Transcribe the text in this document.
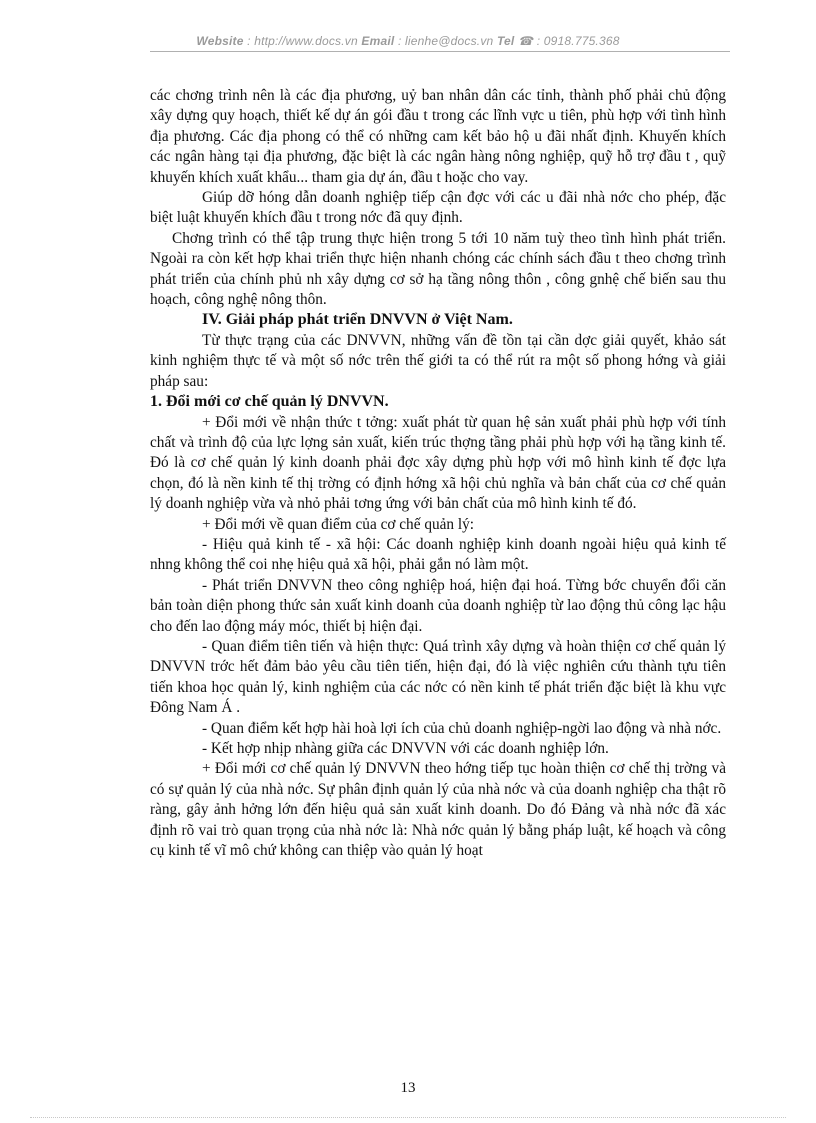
Website : http://www.docs.vn Email : lienhe@docs.vn Tel ☎ : 0918.775.368

các chơng trình nên là các địa phương, uỷ ban nhân dân các tỉnh, thành phố phải chủ động xây dựng quy hoạch, thiết kế dự án gói đầu t trong các lĩnh vực u tiên, phù hợp với tình hình địa phương. Các địa phong có thể có những cam kết bảo hộ u đãi nhất định. Khuyến khích các ngân hàng tại địa phương, đặc biệt là các ngân hàng nông nghiệp, quỹ hỗ trợ đầu t , quỹ khuyến khích xuất khẩu... tham gia dự án, đầu t hoặc cho vay.

Giúp dỡ hóng dẫn doanh nghiệp tiếp cận đợc với các u đãi nhà nớc cho phép, đặc biệt luật khuyến khích đầu t trong nớc đã quy định.

Chơng trình có thể tập trung thực hiện trong 5 tới 10 năm tuỳ theo tình hình phát triển. Ngoài ra còn kết hợp khai triển thực hiện nhanh chóng các chính sách đầu t theo chơng trình phát triển của chính phủ nh xây dựng cơ sở hạ tầng nông thôn , công gnhệ chế biến sau thu hoạch, công nghệ nông thôn.

IV. Giải pháp phát triển DNVVN ở Việt Nam.

Từ thực trạng của các DNVVN, những vấn đề tồn tại cần dợc giải quyết, khảo sát kinh nghiệm thực tế và một số nớc trên thế giới ta có thể rút ra một số phong hớng và giải pháp sau:

1. Đổi mới cơ chế quản lý DNVVN.

+ Đổi mới về nhận thức t tởng: xuất phát từ quan hệ sản xuất phải phù hợp với tính chất và trình độ của lực lợng sản xuất, kiến trúc thợng tầng phải phù hợp với hạ tầng kinh tế. Đó là cơ chế quản lý kinh doanh phải đợc xây dựng phù hợp với mô hình kinh tế đợc lựa chọn, đó là nền kinh tế thị trờng có định hớng xã hội chủ nghĩa và bản chất của cơ chế quản lý doanh nghiệp vừa và nhỏ phải tơng ứng với bản chất của mô hình kinh tế đó.

+ Đổi mới về quan điểm của cơ chế quản lý:

- Hiệu quả kinh tế - xã hội: Các doanh nghiệp kinh doanh ngoài hiệu quả kinh tế nhng không thể coi nhẹ hiệu quả xã hội, phải gắn nó làm một.

- Phát triển DNVVN theo công nghiệp hoá, hiện đại hoá. Từng bớc chuyển đổi căn bản toàn diện phong thức sản xuất kinh doanh của doanh nghiệp từ lao động thủ công lạc hậu cho đến lao động máy móc, thiết bị hiện đại.

- Quan điểm tiên tiến và hiện thực: Quá trình xây dựng và hoàn thiện cơ chế quản lý DNVVN trớc hết đảm bảo yêu cầu tiên tiến, hiện đại, đó là việc nghiên cứu thành tựu tiên tiến khoa học quản lý, kinh nghiệm của các nớc có nền kinh tế phát triển đặc biệt là khu vực Đông Nam Á .

- Quan điểm kết hợp hài hoà lợi ích của chủ doanh nghiệp-ngời lao động và nhà nớc.

- Kết hợp nhịp nhàng giữa các DNVVN với các doanh nghiệp lớn.

+ Đổi mới cơ chế quản lý DNVVN theo hớng tiếp tục hoàn thiện cơ chế thị trờng và có sự quản lý của nhà nớc. Sự phân định quản lý của nhà nớc và của doanh nghiệp cha thật rõ ràng, gây ảnh hởng lớn đến hiệu quả sản xuất kinh doanh. Do đó Đảng và nhà nớc đã xác định rõ vai trò quan trọng của nhà nớc là: Nhà nớc quản lý bằng pháp luật, kế hoạch và công cụ kinh tế vĩ mô chứ không can thiệp vào quản lý hoạt

13
